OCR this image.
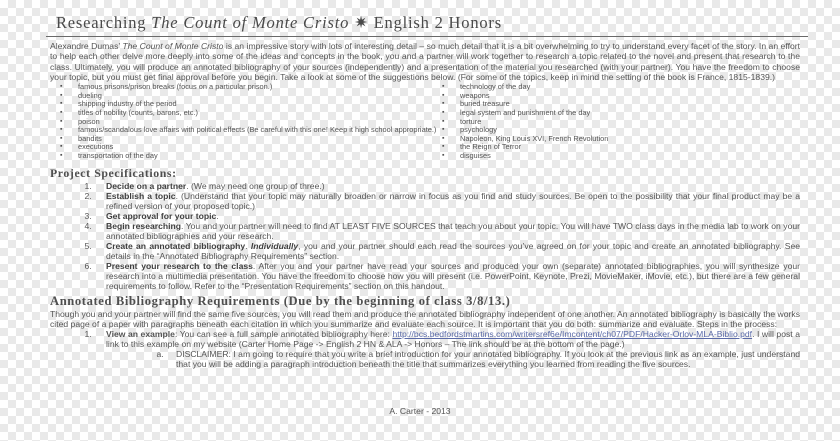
Researching The Count of Monte Cristo ✷ English 2 Honors

Alexandre Dumas’ The Count of Monte Cristo is an impressive story with lots of interesting detail – so much detail that it is a bit overwhelming to try to understand every facet of the story. In an effort to help each other delve more deeply into some of the ideas and concepts in the book, you and a partner will work together to research a topic related to the novel and present that research to the class. Ultimately, you will produce an annotated bibliography of your sources (independently) and a presentation of the material you researched (with your partner). You have the freedom to choose your topic, but you must get final approval before you begin. Take a look at some of the suggestions below. (For some of the topics, keep in mind the setting of the book is France, 1815-1839.)

▪ famous prisons/prison breaks (focus on a particular prison.)
▪ dueling
▪ shipping industry of the period
▪ titles of nobility (counts, barons, etc.)
▪ poison
▪ famous/scandalous love affairs with political effects (Be careful with this one! Keep it high school appropriate.)
▪ bandits
▪ executions
▪ transportation of the day
▪ technology of the day
▪ weapons
▪ buried treasure
▪ legal system and punishment of the day
▪ torture
▪ psychology
▪ Napoleon, King Louis XVI, French Revolution
▪ the Reign of Terror
▪ disguises
Project Specifications:
1. Decide on a partner. (We may need one group of three.)
2. Establish a topic. (Understand that your topic may naturally broaden or narrow in focus as you find and study sources. Be open to the possibility that your final product may be a refined version of your proposed topic.)
3. Get approval for your topic.
4. Begin researching. You and your partner will need to find AT LEAST FIVE SOURCES that teach you about your topic. You will have TWO class days in the media lab to work on your annotated bibliographies and your research.
5. Create an annotated bibliography. Individually, you and your partner should each read the sources you’ve agreed on for your topic and create an annotated bibliography. See details in the “Annotated Bibliography Requirements” section.
6. Present your research to the class. After you and your partner have read your sources and produced your own (separate) annotated bibliographies, you will synthesize your research into a multimedia presentation. You have the freedom to choose how you will present (i.e. PowerPoint, Keynote, Prezi, MovieMaker, iMovie, etc.), but there are a few general requirements to follow. Refer to the “Presentation Requirements” section on this handout.
Annotated Bibliography Requirements (Due by the beginning of class 3/8/13.)

Though you and your partner will find the same five sources, you will read them and produce the annotated bibliography independent of one another. An annotated bibliography is basically the works cited page of a paper with paragraphs beneath each citation in which you summarize and evaluate each source. It is important that you do both: summarize and evaluate. Steps in the process:

1. View an example: You can see a full sample annotated bibliography here: http://bcs.bedfordstmartins.com/writersref6e/Imcontent/ch07/PDF/Hacker-Orlov-MLA-Biblio.pdf. I will post a link to this example on my website (Carter Home Page -> English 2 HN & ALA -> Honors – The link should be at the bottom of the page.)
a. DISCLAIMER: I am going to require that you write a brief introduction for your annotated bibliography. If you look at the previous link as an example, just understand that you will be adding a paragraph introduction beneath the title that summarizes everything you learned from reading the five sources.
A. Carter - 2013
